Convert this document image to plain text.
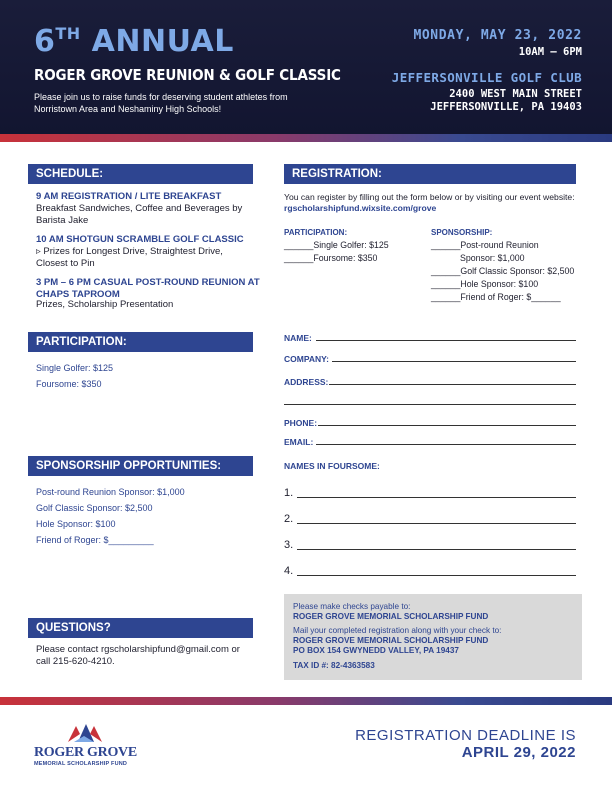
6TH ANNUAL
ROGER GROVE REUNION & GOLF CLASSIC
Please join us to raise funds for deserving student athletes from Norristown Area and Neshaminy High Schools!
MONDAY, MAY 23, 2022
10AM – 6PM
JEFFERSONVILLE GOLF CLUB
2400 WEST MAIN STREET
JEFFERSONVILLE, PA 19403
SCHEDULE:
9 AM REGISTRATION / LITE BREAKFAST
Breakfast Sandwiches, Coffee and Beverages by Barista Jake
10 AM SHOTGUN SCRAMBLE GOLF CLASSIC
▹ Prizes for Longest Drive, Straightest Drive, Closest to Pin
3 PM – 6 PM CASUAL POST-ROUND REUNION AT CHAPS TAPROOM
Prizes, Scholarship Presentation
PARTICIPATION:
Single Golfer: $125
Foursome: $350
SPONSORSHIP OPPORTUNITIES:
Post-round Reunion Sponsor: $1,000
Golf Classic Sponsor: $2,500
Hole Sponsor: $100
Friend of Roger: $_________
QUESTIONS?
Please contact rgscholarshipfund@gmail.com or call 215-620-4210.
REGISTRATION:
You can register by filling out the form below or by visiting our event website: rgscholarshipfund.wixsite.com/grove
PARTICIPATION:
______Single Golfer: $125
______Foursome: $350
SPONSORSHIP:
______Post-round Reunion
Sponsor: $1,000
______Golf Classic Sponsor: $2,500
______Hole Sponsor: $100
______Friend of Roger: $______
NAME:
COMPANY:
ADDRESS:
PHONE:
EMAIL:
NAMES IN FOURSOME:
1.
2.
3.
4.
Please make checks payable to:
ROGER GROVE MEMORIAL SCHOLARSHIP FUND
Mail your completed registration along with your check to:
ROGER GROVE MEMORIAL SCHOLARSHIP FUND
PO BOX 154 GWYNEDD VALLEY, PA 19437
TAX ID #: 82-4363583
ROGER GROVE
MEMORIAL SCHOLARSHIP FUND
REGISTRATION DEADLINE IS
APRIL 29, 2022
